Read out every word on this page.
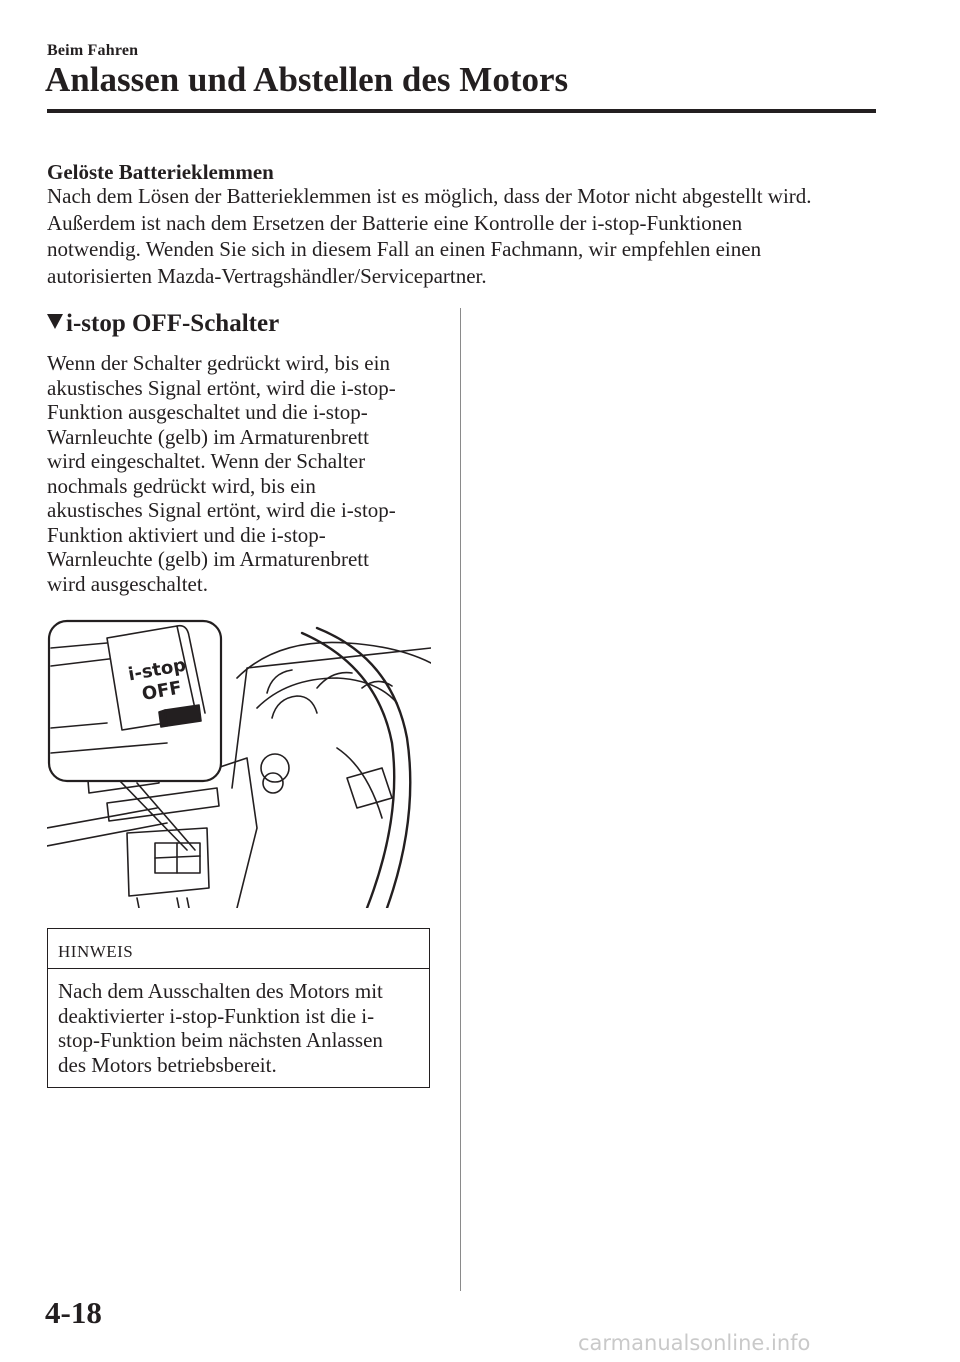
Beim Fahren
Anlassen und Abstellen des Motors
Gelöste Batterieklemmen

Nach dem Lösen der Batterieklemmen ist es möglich, dass der Motor nicht abgestellt wird.
Außerdem ist nach dem Ersetzen der Batterie eine Kontrolle der i-stop-Funktionen
notwendig. Wenden Sie sich in diesem Fall an einen Fachmann, wir empfehlen einen
autorisierten Mazda-Vertragshändler/Servicepartner.

i-stop OFF-Schalter

Wenn der Schalter gedrückt wird, bis ein
akustisches Signal ertönt, wird die i-stop-
Funktion ausgeschaltet und die i-stop-
Warnleuchte (gelb) im Armaturenbrett
wird eingeschaltet. Wenn der Schalter
nochmals gedrückt wird, bis ein
akustisches Signal ertönt, wird die i-stop-
Funktion aktiviert und die i-stop-
Warnleuchte (gelb) im Armaturenbrett
wird ausgeschaltet.

i-stop
OFF
HINWEIS

Nach dem Ausschalten des Motors mit
deaktivierter i-stop-Funktion ist die i-
stop-Funktion beim nächsten Anlassen
des Motors betriebsbereit.

4-18
carmanualsonline.info
